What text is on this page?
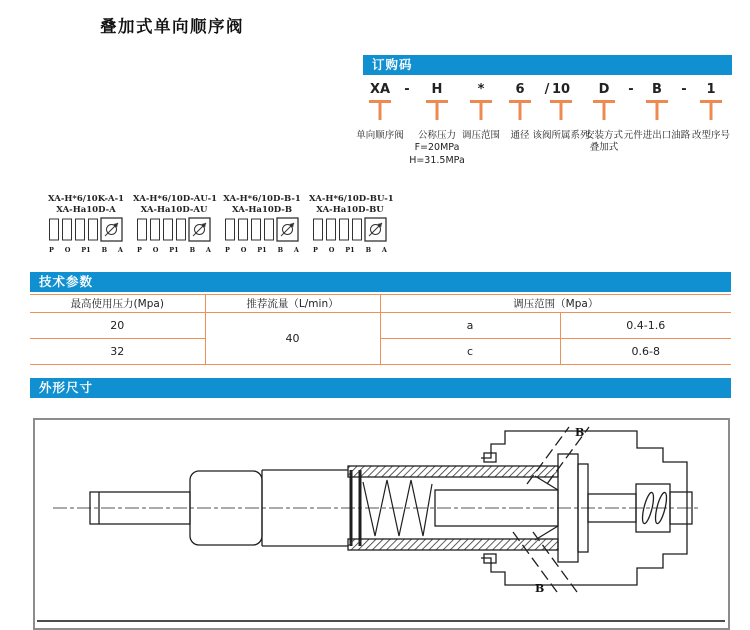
叠加式单向顺序阀
订购码
XA	-
单向顺序阀
H
公称压力
F=20MPa
H=31.5MPa
*
调压范围
6	/
通径
10
该阀所属系列
D	-
安装方式
叠加式
B	-
元件进出口油路
1
改型序号
XA-H*6/10K-A-1
XA-Ha10D-A
P O P1 B A
XA-H*6/10D-AU-1
XA-Ha10D-AU
P O P1 B A
XA-H*6/10D-B-1
XA-Ha10D-B
P O P1 B A
XA-H*6/10D-BU-1
XA-Ha10D-BU
P O P1 B A
技术参数
最高使用压力(Mpa)	推荐流量（L/min）	调压范围（Mpa）	
20	40	a	0.4-1.6
32		c	0.6-8
外形尺寸
B
B
